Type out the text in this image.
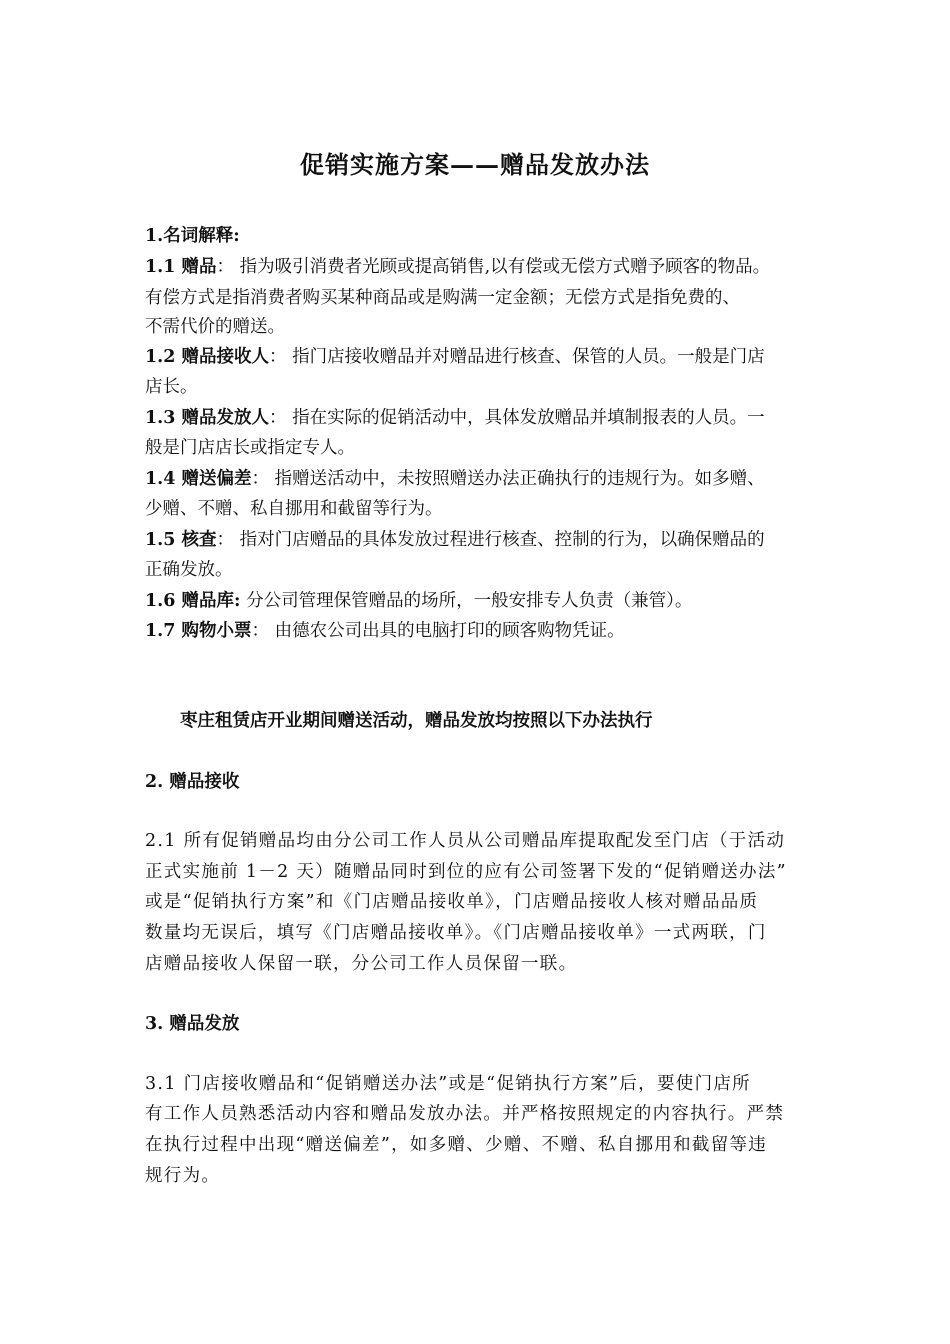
促销实施方案——赠品发放办法
1.名词解释:
1.1 赠品： 指为吸引消费者光顾或提高销售,以有偿或无偿方式赠予顾客的物品。
有偿方式是指消费者购买某种商品或是购满一定金额；无偿方式是指免费的、
不需代价的赠送。
1.2 赠品接收人： 指门店接收赠品并对赠品进行核查、保管的人员。一般是门店
店长。
1.3 赠品发放人： 指在实际的促销活动中，具体发放赠品并填制报表的人员。一
般是门店店长或指定专人。
1.4 赠送偏差： 指赠送活动中，未按照赠送办法正确执行的违规行为。如多赠、
少赠、不赠、私自挪用和截留等行为。
1.5 核查： 指对门店赠品的具体发放过程进行核查、控制的行为，以确保赠品的
正确发放。
1.6 赠品库: 分公司管理保管赠品的场所，一般安排专人负责（兼管）。
1.7 购物小票： 由德农公司出具的电脑打印的顾客购物凭证。
枣庄租赁店开业期间赠送活动，赠品发放均按照以下办法执行
2. 赠品接收
2.1 所有促销赠品均由分公司工作人员从公司赠品库提取配发至门店（于活动
正式实施前 1－2 天）随赠品同时到位的应有公司签署下发的“促销赠送办法”
或是“促销执行方案”和《门店赠品接收单》，门店赠品接收人核对赠品品质
数量均无误后，填写《门店赠品接收单》。《门店赠品接收单》一式两联，门
店赠品接收人保留一联，分公司工作人员保留一联。
3. 赠品发放
3.1 门店接收赠品和“促销赠送办法”或是“促销执行方案”后，要使门店所
有工作人员熟悉活动内容和赠品发放办法。并严格按照规定的内容执行。严禁
在执行过程中出现“赠送偏差”，如多赠、少赠、不赠、私自挪用和截留等违
规行为。
